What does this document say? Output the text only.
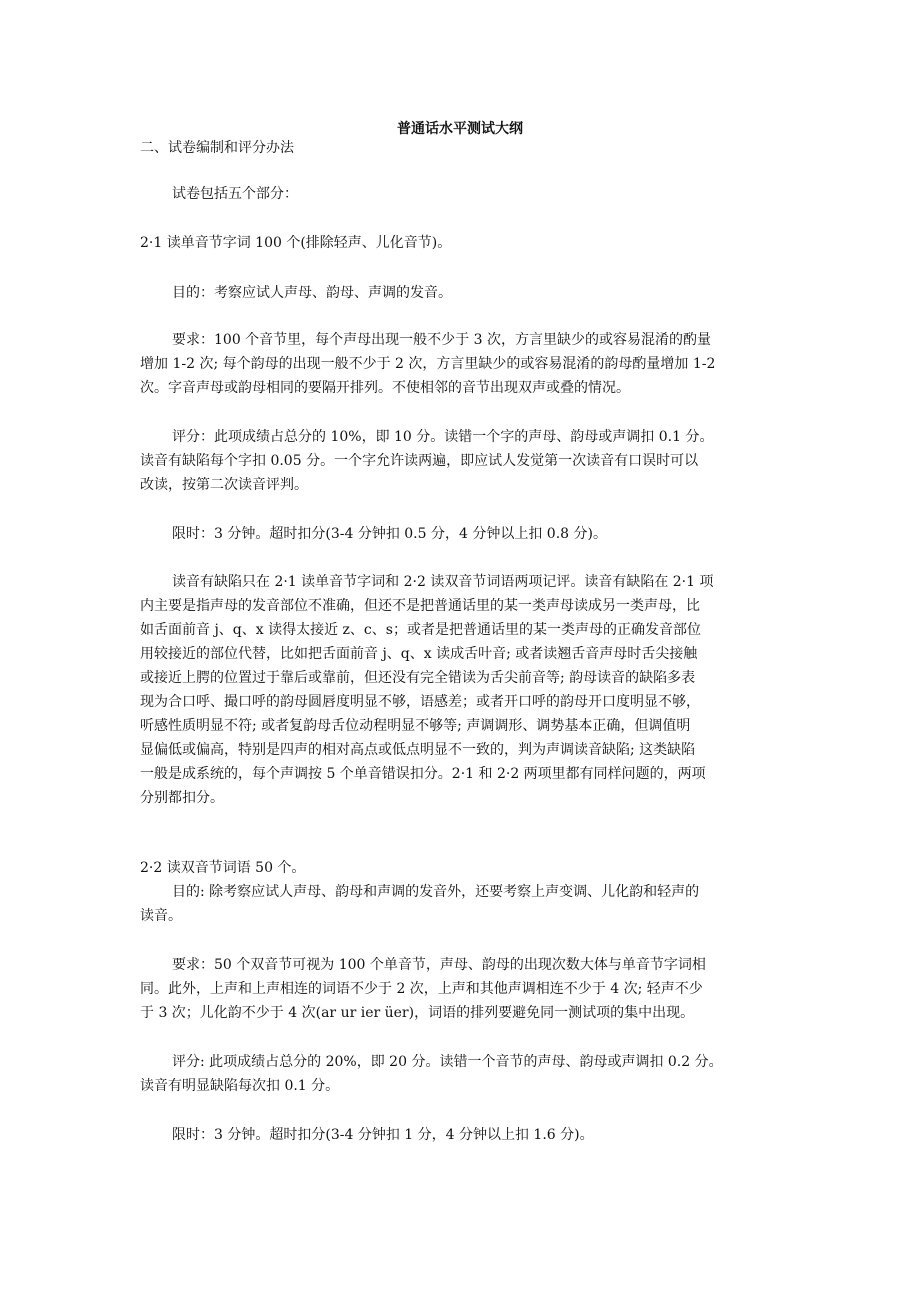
普通话水平测试大纲
二、试卷编制和评分办法
试卷包括五个部分：
2·1 读单音节字词 100 个(排除轻声、儿化音节)。
目的：考察应试人声母、韵母、声调的发音。
要求：100 个音节里，每个声母出现一般不少于 3 次，方言里缺少的或容易混淆的酌量
增加 1-2 次; 每个韵母的出现一般不少于 2 次，方言里缺少的或容易混淆的韵母酌量增加 1-2
次。字音声母或韵母相同的要隔开排列。不使相邻的音节出现双声或叠的情况。
评分：此项成绩占总分的 10%，即 10 分。读错一个字的声母、韵母或声调扣 0.1 分。
读音有缺陷每个字扣 0.05 分。一个字允许读两遍，即应试人发觉第一次读音有口误时可以
改读，按第二次读音评判。
限时：3 分钟。超时扣分(3-4 分钟扣 0.5 分，4 分钟以上扣 0.8 分)。
读音有缺陷只在 2·1 读单音节字词和 2·2 读双音节词语两项记评。读音有缺陷在 2·1 项
内主要是指声母的发音部位不准确，但还不是把普通话里的某一类声母读成另一类声母，比
如舌面前音 j、q、x 读得太接近 z、c、s；或者是把普通话里的某一类声母的正确发音部位
用较接近的部位代替，比如把舌面前音 j、q、x 读成舌叶音; 或者读翘舌音声母时舌尖接触
或接近上腭的位置过于靠后或靠前，但还没有完全错读为舌尖前音等; 韵母读音的缺陷多表
现为合口呼、撮口呼的韵母圆唇度明显不够，语感差；或者开口呼的韵母开口度明显不够，
听感性质明显不符; 或者复韵母舌位动程明显不够等; 声调调形、调势基本正确，但调值明
显偏低或偏高，特别是四声的相对高点或低点明显不一致的，判为声调读音缺陷; 这类缺陷
一般是成系统的，每个声调按 5 个单音错误扣分。2·1 和 2·2 两项里都有同样问题的，两项
分别都扣分。
2·2 读双音节词语 50 个。
目的: 除考察应试人声母、韵母和声调的发音外，还要考察上声变调、儿化韵和轻声的
读音。
要求：50 个双音节可视为 100 个单音节，声母、韵母的出现次数大体与单音节字词相
同。此外，上声和上声相连的词语不少于 2 次，上声和其他声调相连不少于 4 次; 轻声不少
于 3 次；儿化韵不少于 4 次(ar ur ier üer)，词语的排列要避免同一测试项的集中出现。
评分: 此项成绩占总分的 20%，即 20 分。读错一个音节的声母、韵母或声调扣 0.2 分。
读音有明显缺陷每次扣 0.1 分。
限时：3 分钟。超时扣分(3-4 分钟扣 1 分，4 分钟以上扣 1.6 分)。
